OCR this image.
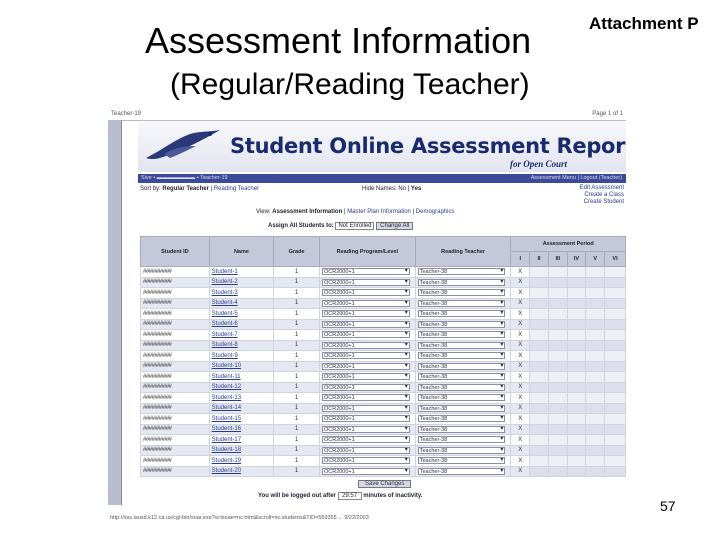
Assessment Information	Attachment P
(Regular/Reading Teacher)
Teacher-19	Page 1 of 1
Student Online Assessment Repor
for Open Court
Sive • ▬▬▬▬▬▬▬ • Teacher-19	Assessment Menu | Logout (Teacher)
Sort by: Regular Teacher | Reading Teacher	Hide Names: No | Yes	Edit Assessment
Create a Class
Create Student
View: Assessment Information | Master Plan Information | Demographics
Assign All Students to: Not Enrolled Change All
Student ID	Name	Grade	Reading Program/Level	Reading Teacher	Assessment Period					
					I	II	III	IV	V	VI
##########	Student-1	1	OCR2000+1 ▾	Teacher-38 ▾	X					
##########	Student-2	1	OCR2000+1 ▾	Teacher-38 ▾	X					
##########	Student-3	1	OCR2000+1 ▾	Teacher-38 ▾	X					
##########	Student-4	1	OCR2000+1 ▾	Teacher-38 ▾	X					
##########	Student-5	1	OCR2000+1 ▾	Teacher-38 ▾	X					
##########	Student-6	1	OCR2000+1 ▾	Teacher-38 ▾	X					
##########	Student-7	1	OCR2000+1 ▾	Teacher-38 ▾	X					
##########	Student-8	1	OCR2000+1 ▾	Teacher-38 ▾	X					
##########	Student-9	1	OCR2000+1 ▾	Teacher-38 ▾	X					
##########	Student-10	1	OCR2000+1 ▾	Teacher-38 ▾	X					
##########	Student-11	1	OCR2000+1 ▾	Teacher-38 ▾	X					
##########	Student-12	1	OCR2000+1 ▾	Teacher-38 ▾	X					
##########	Student-13	1	OCR2000+1 ▾	Teacher-38 ▾	X					
##########	Student-14	1	OCR2000+1 ▾	Teacher-38 ▾	X					
##########	Student-15	1	OCR2000+1 ▾	Teacher-38 ▾	X					
##########	Student-16	1	OCR2000+1 ▾	Teacher-38 ▾	X					
##########	Student-17	1	OCR2000+1 ▾	Teacher-38 ▾	X					
##########	Student-18	1	OCR2000+1 ▾	Teacher-38 ▾	X					
##########	Student-19	1	OCR2000+1 ▾	Teacher-38 ▾	X					
##########	Student-20	1	OCR2000+1 ▾	Teacher-38 ▾	X					
Save Changes
You will be logged out after 29:57 minutes of inactivity.
http://sss.lausd.k12.ca.us/cgi-bin/soar.exe?w:tsoae=nc.html&scroll=nc.students&TID=559355 ... 9/22/2003
57
